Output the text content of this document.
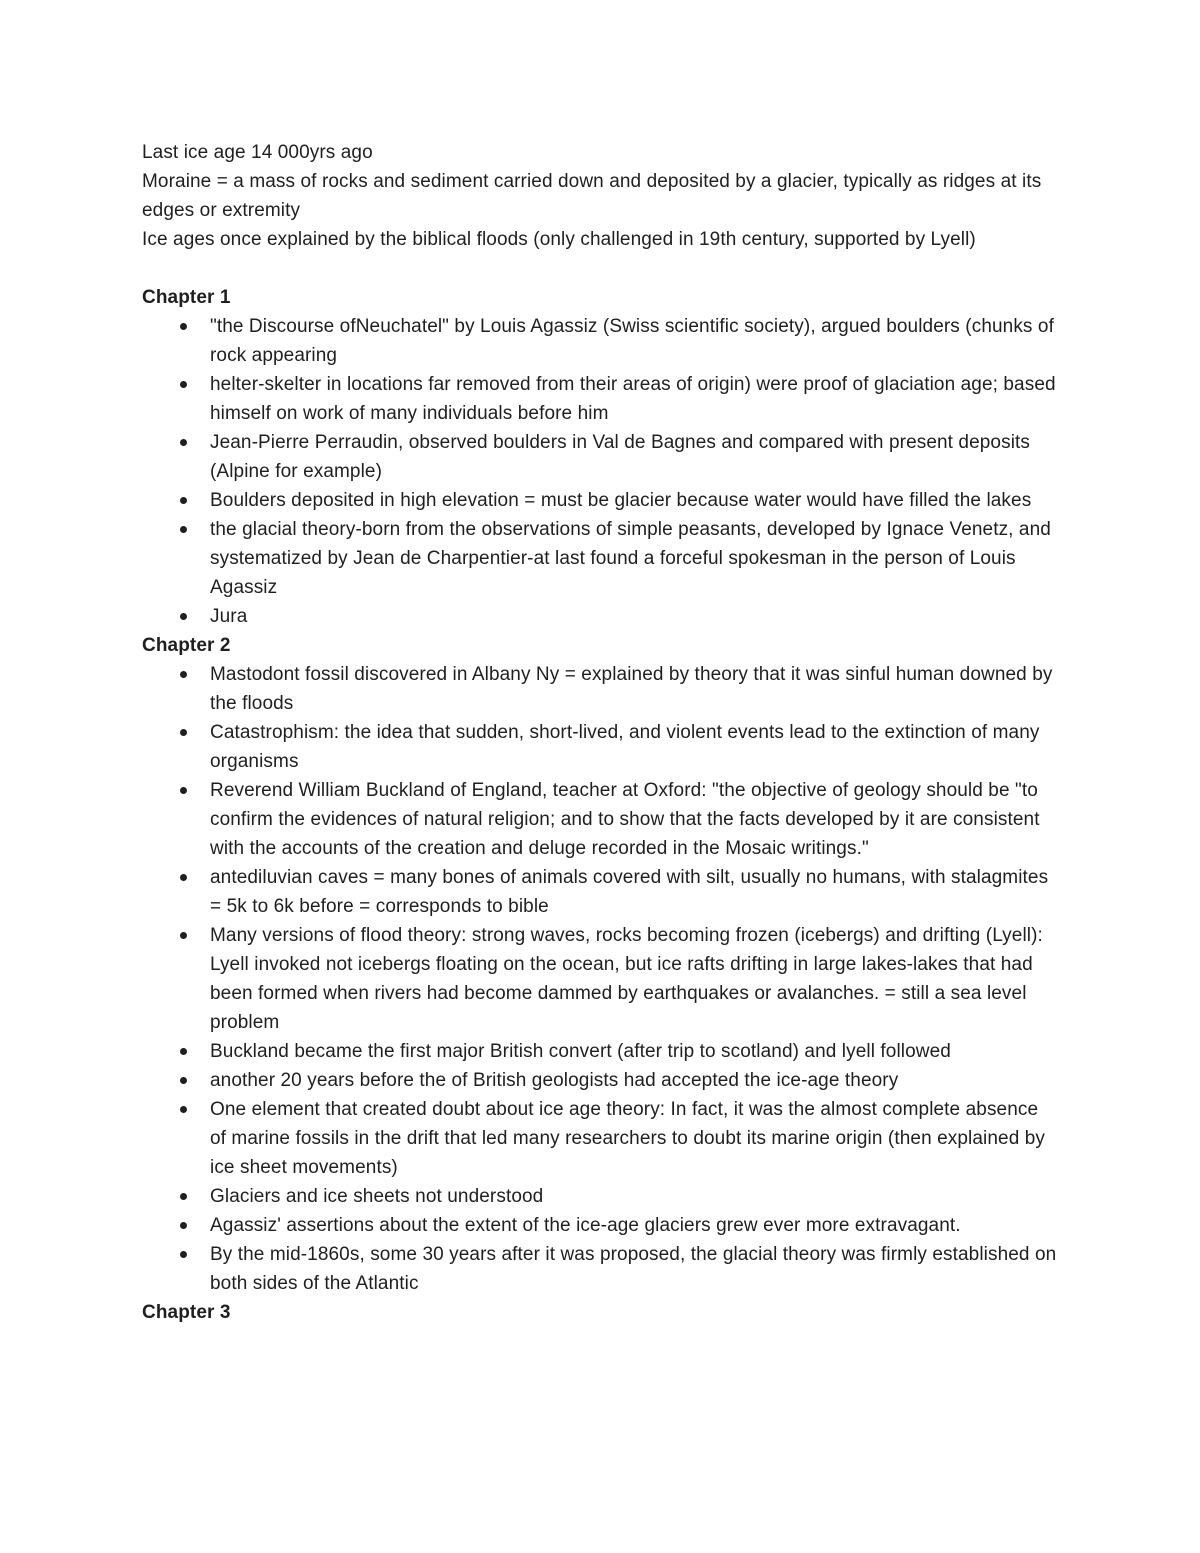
Last ice age 14 000yrs ago
Moraine = a mass of rocks and sediment carried down and deposited by a glacier, typically as ridges at its edges or extremity
Ice ages once explained by the biblical floods (only challenged in 19th century, supported by Lyell)
Chapter 1
"the Discourse ofNeuchatel" by Louis Agassiz (Swiss scientific society), argued boulders (chunks of rock appearing
helter-skelter in locations far removed from their areas of origin) were proof of glaciation age; based himself on work of many individuals before him
Jean-Pierre Perraudin, observed boulders in Val de Bagnes and compared with present deposits (Alpine for example)
Boulders deposited in high elevation = must be glacier because water would have filled the lakes
the glacial theory-born from the observations of simple peasants, developed by Ignace Venetz, and systematized by Jean de Charpentier-at last found a forceful spokesman in the person of Louis Agassiz
Jura
Chapter 2
Mastodont fossil discovered in Albany Ny = explained by theory that it was sinful human downed by the floods
Catastrophism: the idea that sudden, short-lived, and violent events lead to the extinction of many organisms
Reverend William Buckland of England, teacher at Oxford: "the objective of geology should be "to confirm the evidences of natural religion; and to show that the facts developed by it are consistent with the accounts of the creation and deluge recorded in the Mosaic writings."
antediluvian caves = many bones of animals covered with silt, usually no humans, with stalagmites = 5k to 6k before = corresponds to bible
Many versions of flood theory: strong waves, rocks becoming frozen (icebergs) and drifting (Lyell): Lyell invoked not icebergs floating on the ocean, but ice rafts drifting in large lakes-lakes that had been formed when rivers had become dammed by earthquakes or avalanches. = still a sea level problem
Buckland became the first major British convert (after trip to scotland) and lyell followed
another 20 years before the of British geologists had accepted the ice-age theory
One element that created doubt about ice age theory: In fact, it was the almost complete absence of marine fossils in the drift that led many researchers to doubt its marine origin (then explained by ice sheet movements)
Glaciers and ice sheets not understood
Agassiz' assertions about the extent of the ice-age glaciers grew ever more extravagant.
By the mid-1860s, some 30 years after it was proposed, the glacial theory was firmly established on both sides of the Atlantic
Chapter 3
